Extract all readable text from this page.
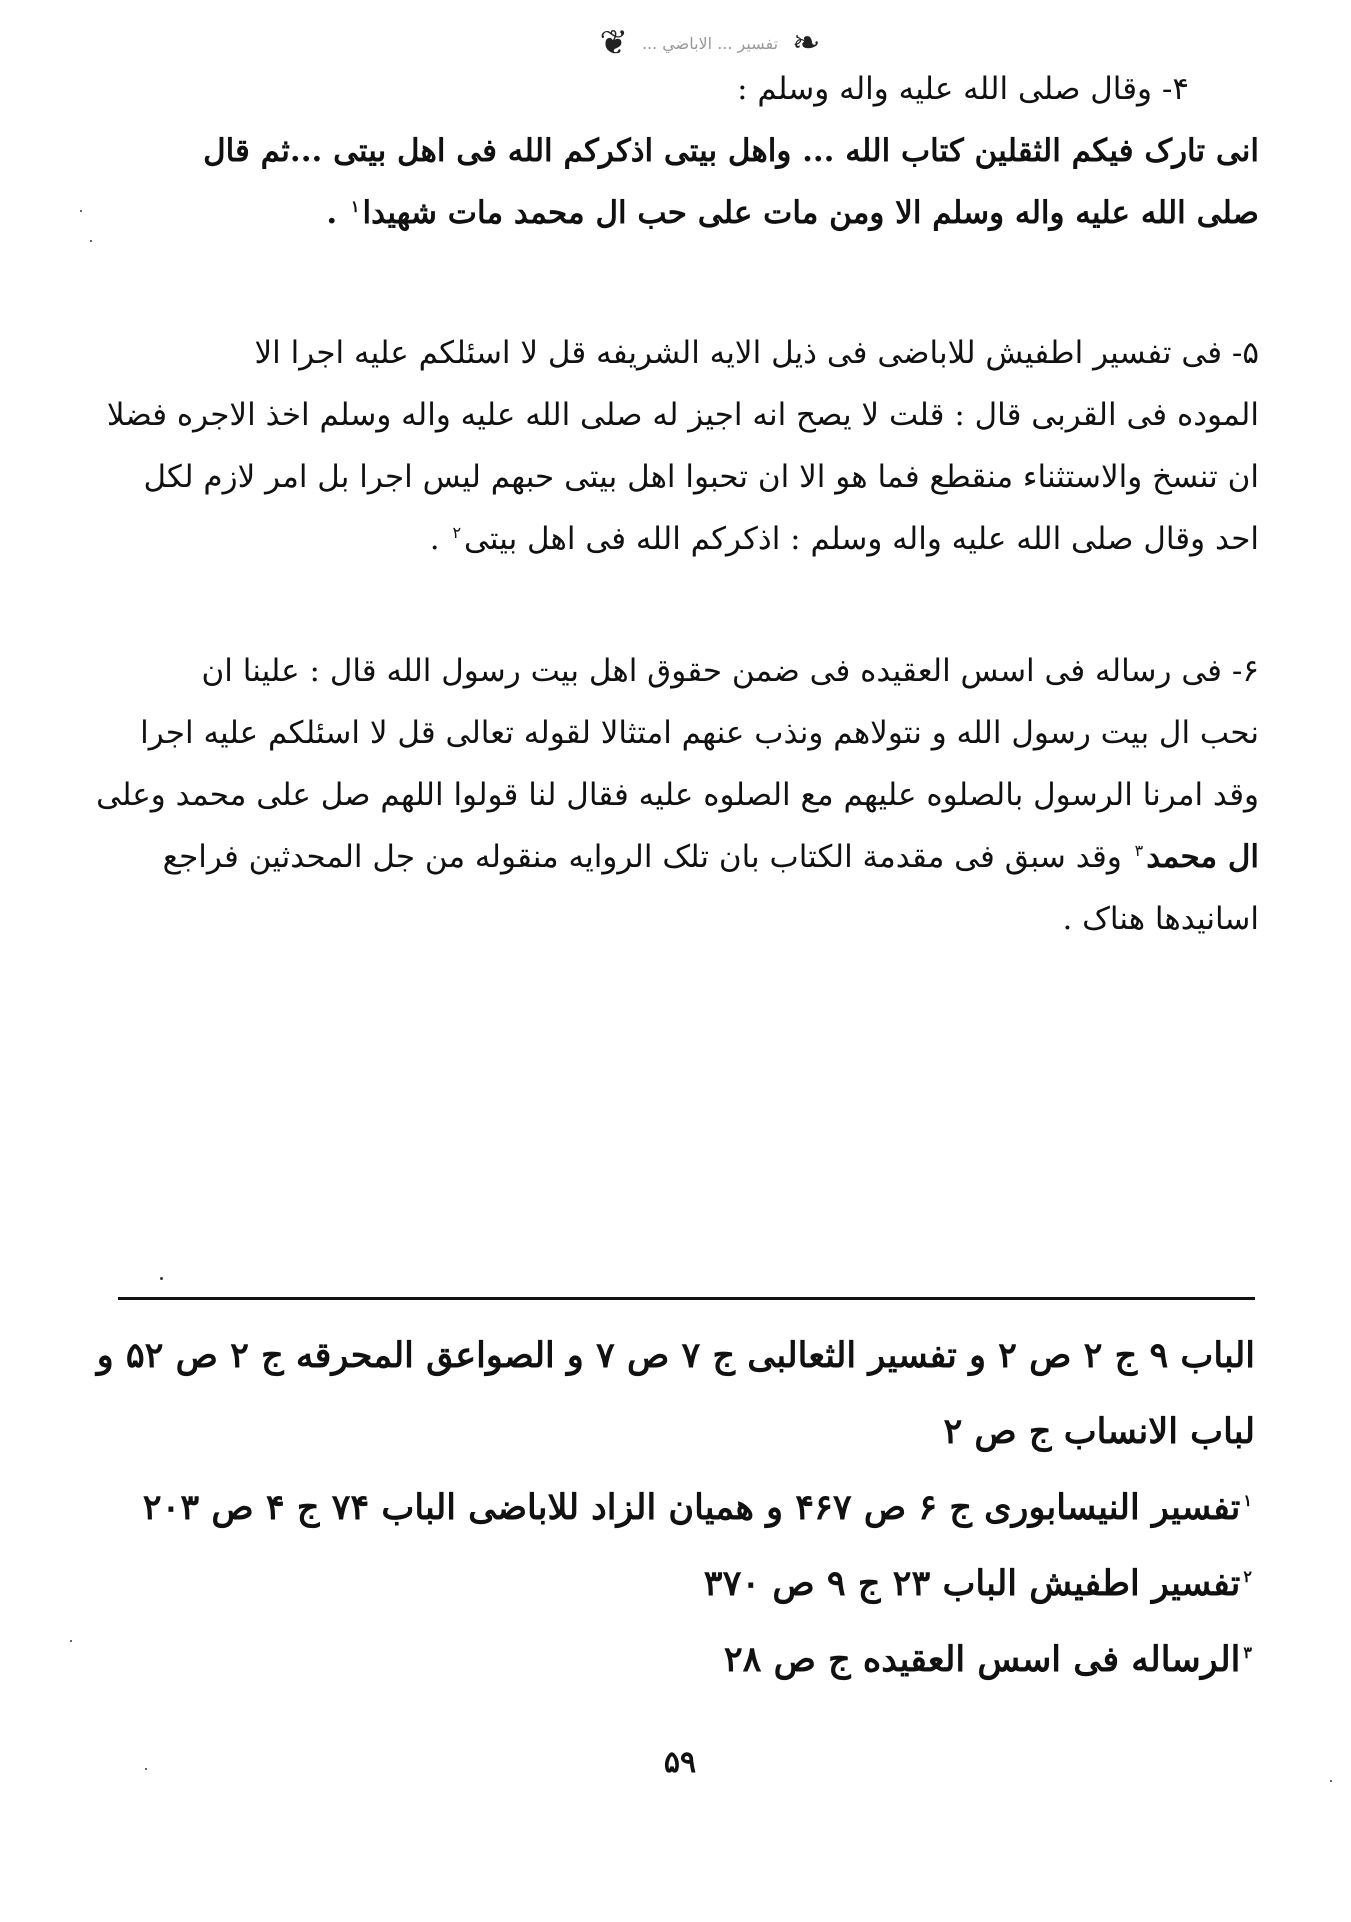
❦ تفسير ... الاباضي ... ❧
۴- وقال صلى الله عليه واله وسلم :
انی تارک فیکم الثقلین کتاب الله ... واهل بیتی اذکرکم الله فی اهل بیتی ...ثم قال
صلی الله علیه واله وسلم الا ومن مات علی حب ال محمد مات شهیدا$^١$ .
۵- فی تفسیر اطفیش للاباضی فی ذیل الایه الشریفه قل لا اسئلکم علیه اجرا الا
الموده فی القربی قال : قلت لا یصح انه اجیز له صلی الله علیه واله وسلم اخذ الاجره فضلا
ان تنسخ والاستثناء منقطع فما هو الا ان تحبوا اهل بیتی حبهم لیس اجرا بل امر لازم لکل
احد وقال صلی الله علیه واله وسلم : اذکرکم الله فی اهل بیتی$^٢$ .
۶- فی رساله فی اسس العقیده فی ضمن حقوق اهل بیت رسول الله قال : علینا ان
نحب ال بیت رسول الله و نتولاهم ونذب عنهم امتثالا لقوله تعالی قل لا اسئلکم علیه اجرا
وقد امرنا الرسول بالصلوه علیهم مع الصلوه علیه فقال لنا قولوا اللهم صل علی محمد وعلی
ال محمد$^٣$ وقد سبق فی مقدمة الکتاب بان تلک الروایه منقوله من جل المحدثین فراجع
اسانیدها هناک .
الباب ۹ ج ۲ ص ۲ و تفسیر الثعالبی ج ۷ ص ۷ و الصواعق المحرقه ج ۲ ص ۵۲ و
لباب الانساب ج ص ۲
$^١$تفسیر النیسابوری ج ۶ ص ۴۶۷ و همیان الزاد للاباضی الباب ۷۴ ج ۴ ص ۲۰۳
$^٢$تفسیر اطفیش الباب ۲۳ ج ۹ ص ۳۷۰
$^٣$الرساله فی اسس العقیده ج ص ۲۸
۵۹
